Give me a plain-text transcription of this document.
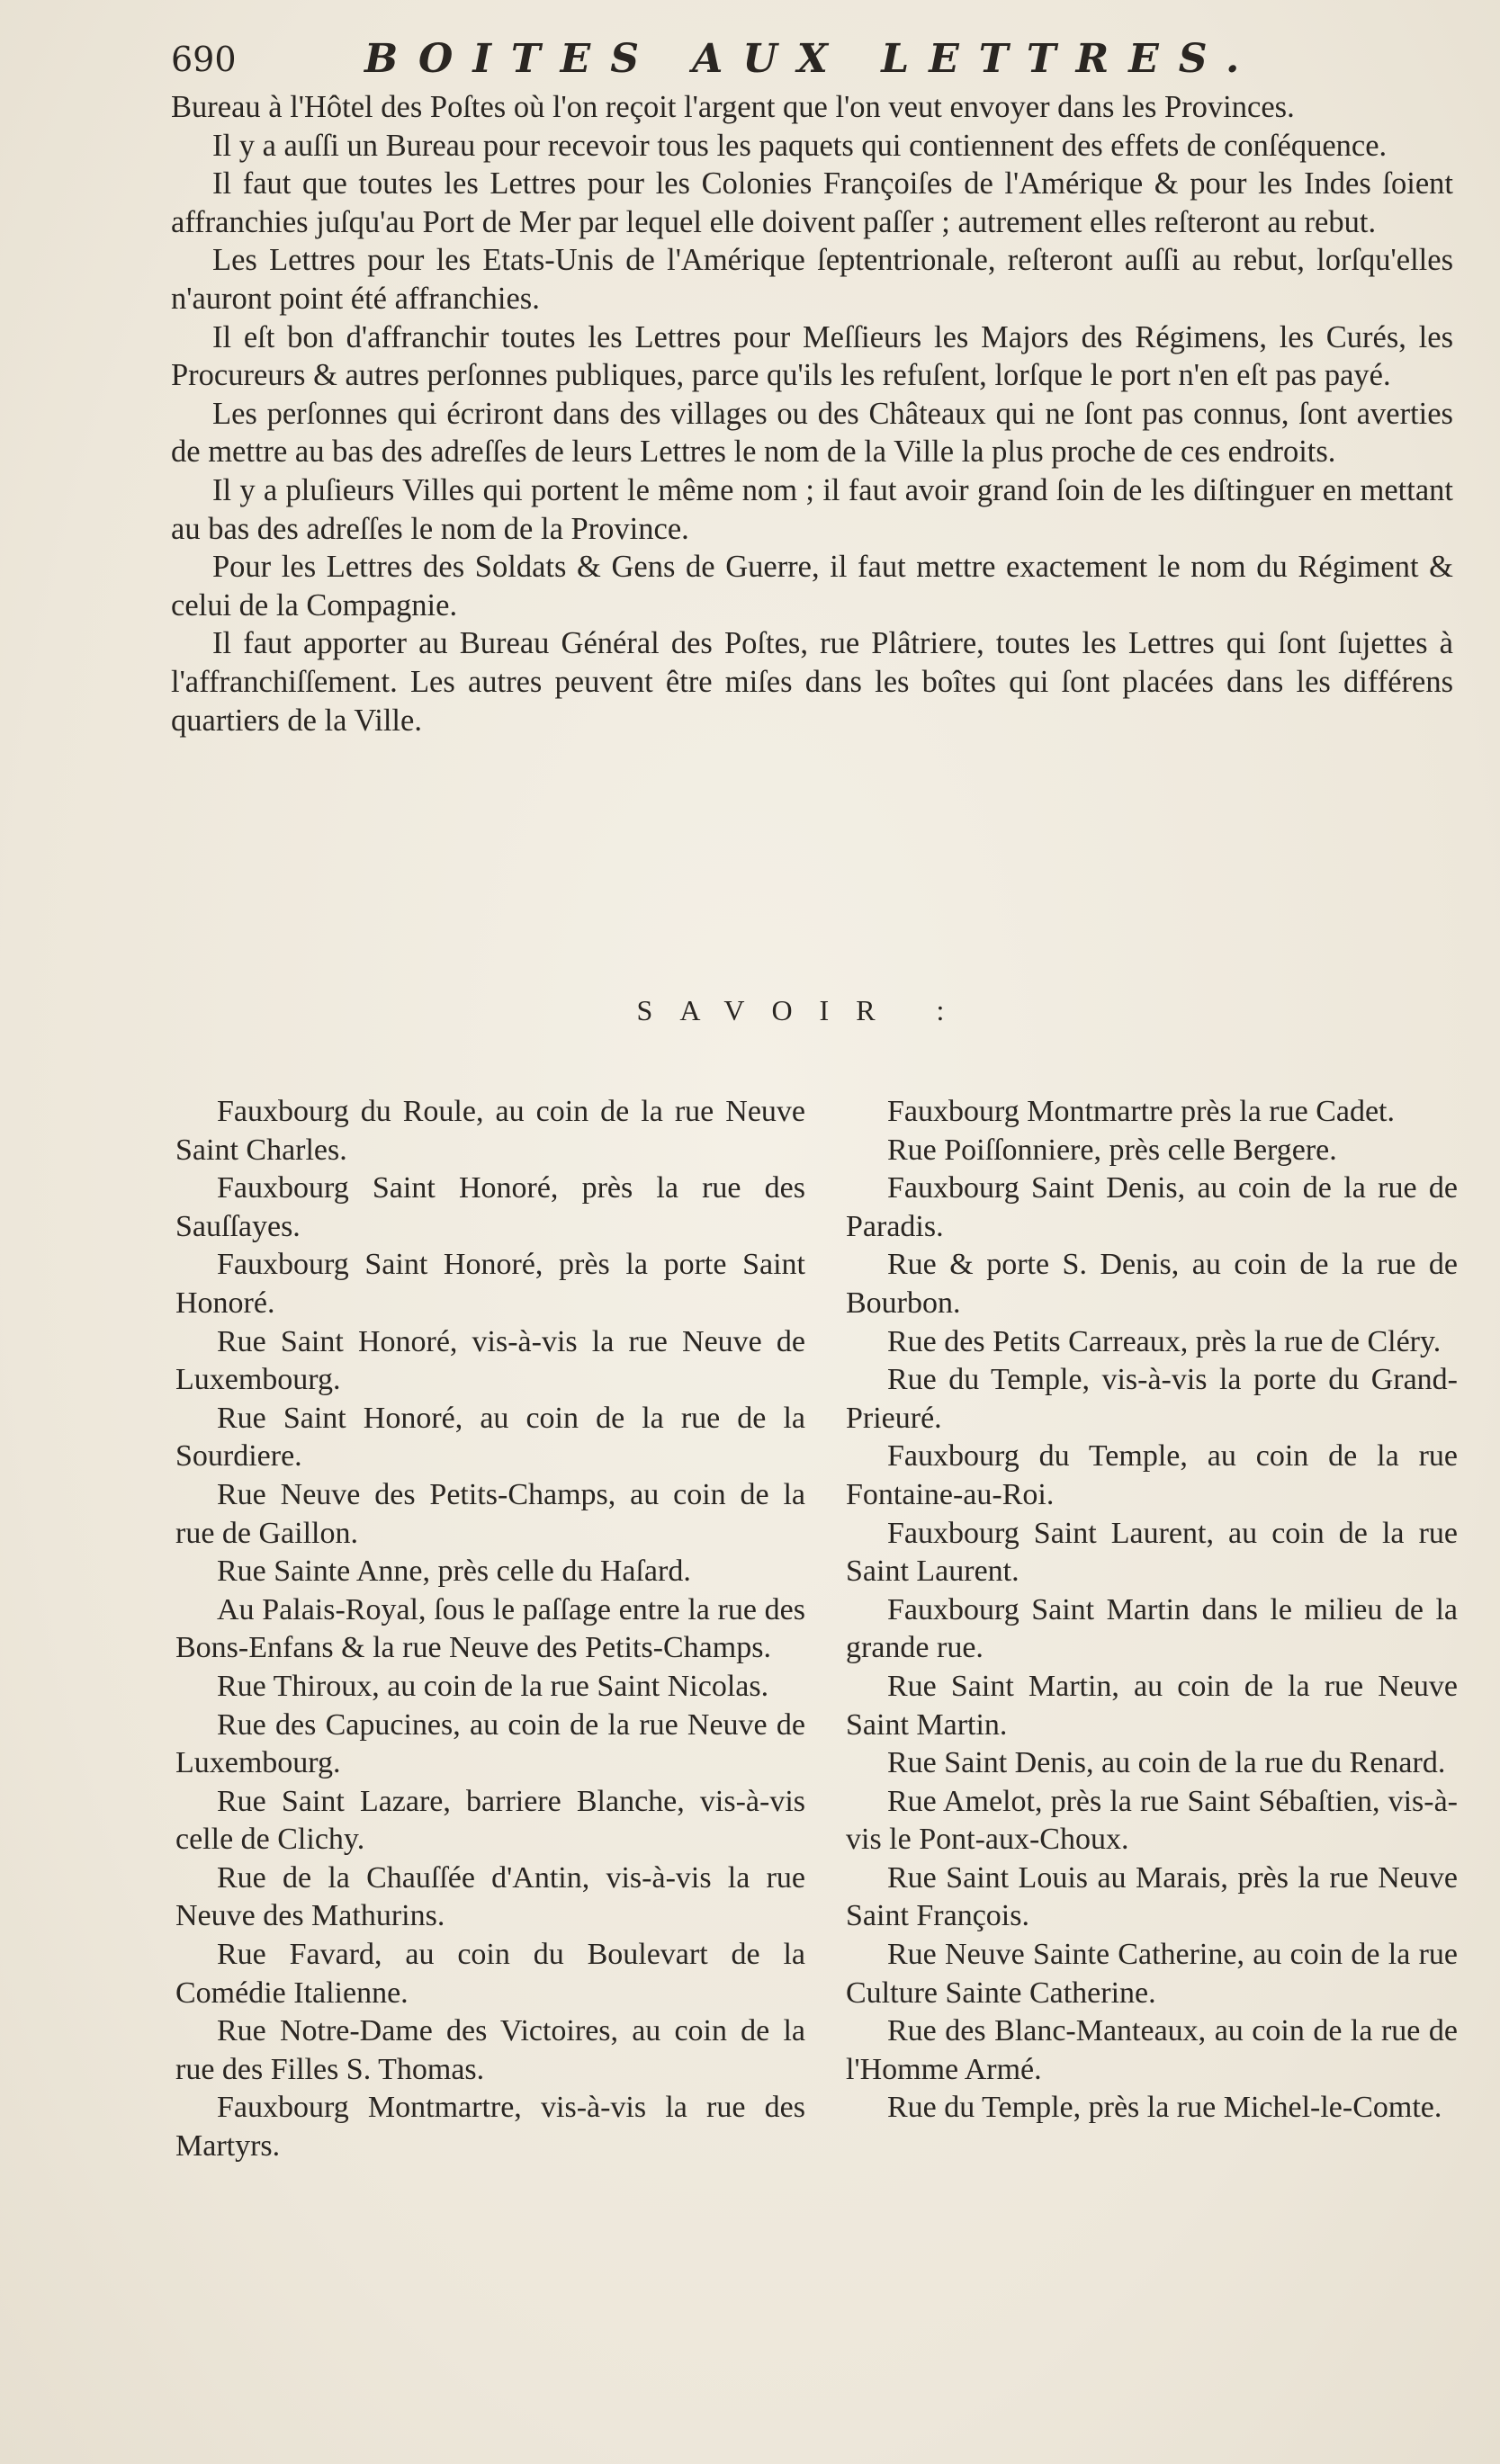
690	BOITES AUX LETTRES.

Bureau à l'Hôtel des Poſtes où l'on reçoit l'argent que l'on veut envoyer dans les Provinces.

Il y a auſſi un Bureau pour recevoir tous les paquets qui contiennent des effets de conſéquence.

Il faut que toutes les Lettres pour les Colonies Françoiſes de l'Amérique & pour les Indes ſoient affranchies juſqu'au Port de Mer par lequel elle doivent paſſer ; autrement elles reſteront au rebut.

Les Lettres pour les Etats-Unis de l'Amérique ſeptentrionale, reſteront auſſi au rebut, lorſqu'elles n'auront point été affranchies.

Il eſt bon d'affranchir toutes les Lettres pour Meſſieurs les Majors des Régimens, les Curés, les Procureurs & autres perſonnes publiques, parce qu'ils les refuſent, lorſque le port n'en eſt pas payé.

Les perſonnes qui écriront dans des villages ou des Châteaux qui ne ſont pas connus, ſont averties de mettre au bas des adreſſes de leurs Lettres le nom de la Ville la plus proche de ces endroits.

Il y a pluſieurs Villes qui portent le même nom ; il faut avoir grand ſoin de les diſtinguer en mettant au bas des adreſſes le nom de la Province.

Pour les Lettres des Soldats & Gens de Guerre, il faut mettre exactement le nom du Régiment & celui de la Compagnie.

Il faut apporter au Bureau Général des Poſtes, rue Plâtriere, toutes les Lettres qui ſont ſujettes à l'affranchiſſement. Les autres peuvent être miſes dans les boîtes qui ſont placées dans les différens quartiers de la Ville.

SAVOIR :

Fauxbourg du Roule, au coin de la rue Neuve Saint Charles.

Fauxbourg Saint Honoré, près la rue des Sauſſayes.

Fauxbourg Saint Honoré, près la porte Saint Honoré.

Rue Saint Honoré, vis-à-vis la rue Neuve de Luxembourg.

Rue Saint Honoré, au coin de la rue de la Sourdiere.

Rue Neuve des Petits-Champs, au coin de la rue de Gaillon.

Rue Sainte Anne, près celle du Haſard.

Au Palais-Royal, ſous le paſſage entre la rue des Bons-Enfans & la rue Neuve des Petits-Champs.

Rue Thiroux, au coin de la rue Saint Nicolas.

Rue des Capucines, au coin de la rue Neuve de Luxembourg.

Rue Saint Lazare, barriere Blanche, vis-à-vis celle de Clichy.

Rue de la Chauſſée d'Antin, vis-à-vis la rue Neuve des Mathurins.

Rue Favard, au coin du Boulevart de la Comédie Italienne.

Rue Notre-Dame des Victoires, au coin de la rue des Filles S. Thomas.

Fauxbourg Montmartre, vis-à-vis la rue des Martyrs.

Fauxbourg Montmartre près la rue Cadet.

Rue Poiſſonniere, près celle Bergere.

Fauxbourg Saint Denis, au coin de la rue de Paradis.

Rue & porte S. Denis, au coin de la rue de Bourbon.

Rue des Petits Carreaux, près la rue de Cléry.

Rue du Temple, vis-à-vis la porte du Grand-Prieuré.

Fauxbourg du Temple, au coin de la rue Fontaine-au-Roi.

Fauxbourg Saint Laurent, au coin de la rue Saint Laurent.

Fauxbourg Saint Martin dans le milieu de la grande rue.

Rue Saint Martin, au coin de la rue Neuve Saint Martin.

Rue Saint Denis, au coin de la rue du Renard.

Rue Amelot, près la rue Saint Sébaſtien, vis-à-vis le Pont-aux-Choux.

Rue Saint Louis au Marais, près la rue Neuve Saint François.

Rue Neuve Sainte Catherine, au coin de la rue Culture Sainte Catherine.

Rue des Blanc-Manteaux, au coin de la rue de l'Homme Armé.

Rue du Temple, près la rue Michel-le-Comte.
